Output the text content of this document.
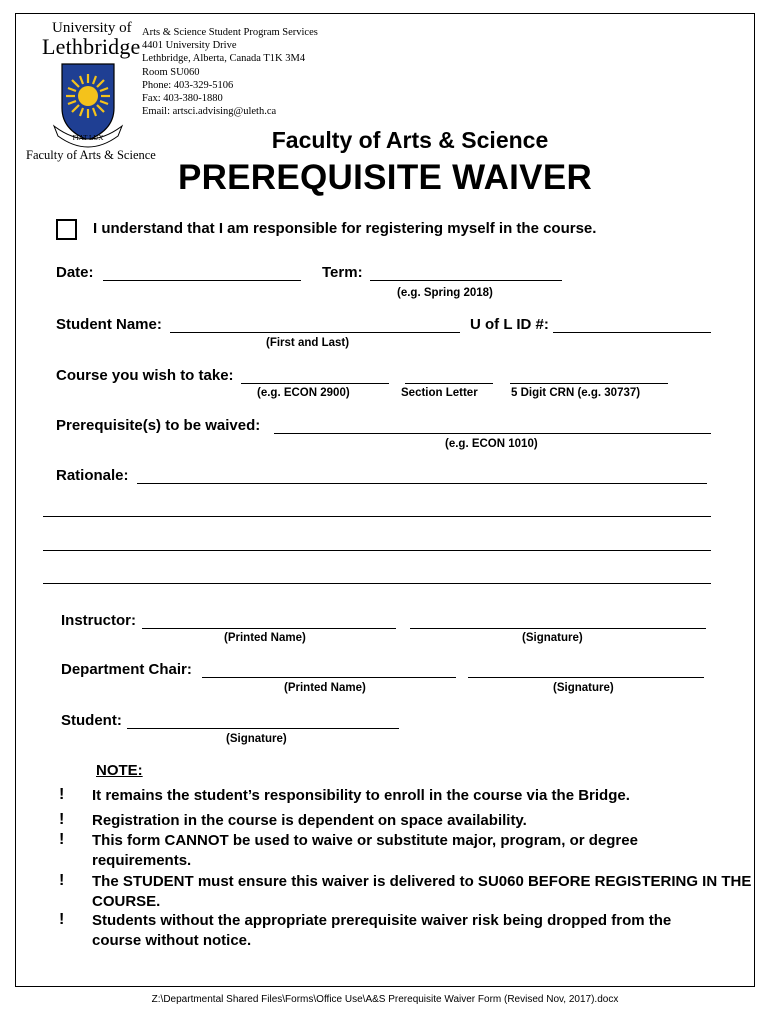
University of
Lethbridge
FIAT LUX
Faculty of Arts & Science
Arts & Science Student Program Services
4401 University Drive
Lethbridge, Alberta, Canada T1K 3M4
Room SU060
Phone: 403-329-5106
Fax: 403-380-1880
Email: artsci.advising@uleth.ca
Faculty of Arts & Science
PREREQUISITE WAIVER
I understand that I am responsible for registering myself in the course.
Date:	Term:
(e.g. Spring 2018)
Student Name:
(First and Last)
U of L ID #:
Course you wish to take:
(e.g. ECON 2900)	Section Letter	5 Digit CRN (e.g. 30737)
Prerequisite(s) to be waived:
(e.g. ECON 1010)
Rationale:
Instructor:
(Printed Name)	(Signature)
Department Chair:
(Printed Name)	(Signature)
Student:
(Signature)
NOTE:
! It remains the student’s responsibility to enroll in the course via the Bridge.
! Registration in the course is dependent on space availability.
! This form CANNOT be used to waive or substitute major, program, or degree requirements.
! The STUDENT must ensure this waiver is delivered to SU060 BEFORE REGISTERING IN THE COURSE.
! Students without the appropriate prerequisite waiver risk being dropped from the course without notice.
Z:\Departmental Shared Files\Forms\Office Use\A&S Prerequisite Waiver Form (Revised Nov, 2017).docx
